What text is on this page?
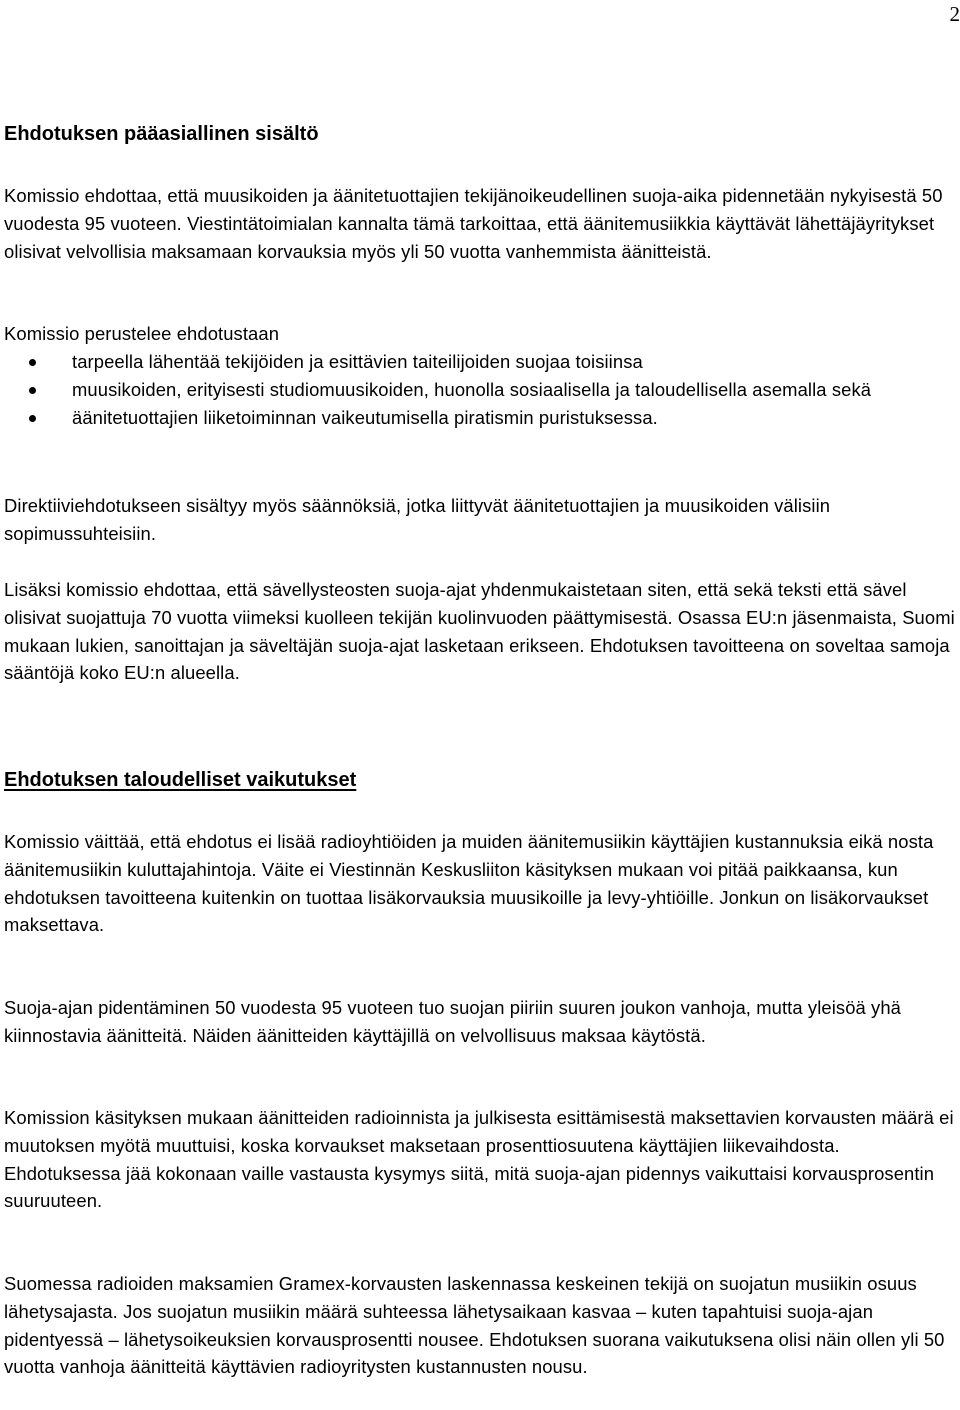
2
Ehdotuksen pääasiallinen sisältö

Komissio ehdottaa, että muusikoiden ja äänitetuottajien tekijänoikeudellinen suoja-aika pidennetään nykyisestä 50 vuodesta 95 vuoteen. Viestintätoimialan kannalta tämä tarkoittaa, että äänitemusiikkia käyttävät lähettäjäyritykset olisivat velvollisia maksamaan korvauksia myös yli 50 vuotta vanhemmista äänitteistä.

Komissio perustelee ehdotustaan

tarpeella lähentää tekijöiden ja esittävien taiteilijoiden suojaa toisiinsa
muusikoiden, erityisesti studiomuusikoiden, huonolla sosiaalisella ja taloudellisella asemalla sekä
äänitetuottajien liiketoiminnan vaikeutumisella piratismin puristuksessa.

Direktiiviehdotukseen sisältyy myös säännöksiä, jotka liittyvät äänitetuottajien ja muusikoiden välisiin sopimussuhteisiin.

Lisäksi komissio ehdottaa, että sävellysteosten suoja-ajat yhdenmukaistetaan siten, että sekä teksti että sävel olisivat suojattuja 70 vuotta viimeksi kuolleen tekijän kuolinvuoden päättymisestä. Osassa EU:n jäsenmaista, Suomi mukaan lukien, sanoittajan ja säveltäjän suoja-ajat lasketaan erikseen. Ehdotuksen tavoitteena on soveltaa samoja sääntöjä koko EU:n alueella.

Ehdotuksen taloudelliset vaikutukset

Komissio väittää, että ehdotus ei lisää radioyhtiöiden ja muiden äänitemusiikin käyttäjien kustannuksia eikä nosta äänitemusiikin kuluttajahintoja. Väite ei Viestinnän Keskusliiton käsityksen mukaan voi pitää paikkaansa, kun ehdotuksen tavoitteena kuitenkin on tuottaa lisäkorvauksia muusikoille ja levy-yhtiöille. Jonkun on lisäkorvaukset maksettava.

Suoja-ajan pidentäminen 50 vuodesta 95 vuoteen tuo suojan piiriin suuren joukon vanhoja, mutta yleisöä yhä kiinnostavia äänitteitä. Näiden äänitteiden käyttäjillä on velvollisuus maksaa käytöstä.

Komission käsityksen mukaan äänitteiden radioinnista ja julkisesta esittämisestä maksettavien korvausten määrä ei muutoksen myötä muuttuisi, koska korvaukset maksetaan prosenttiosuutena käyttäjien liikevaihdosta. Ehdotuksessa jää kokonaan vaille vastausta kysymys siitä, mitä suoja-ajan pidennys vaikuttaisi korvausprosentin suuruuteen.

Suomessa radioiden maksamien Gramex-korvausten laskennassa keskeinen tekijä on suojatun musiikin osuus lähetysajasta. Jos suojatun musiikin määrä suhteessa lähetysaikaan kasvaa – kuten tapahtuisi suoja-ajan pidentyessä – lähetysoikeuksien korvausprosentti nousee. Ehdotuksen suorana vaikutuksena olisi näin ollen yli 50 vuotta vanhoja äänitteitä käyttävien radioyritysten kustannusten nousu.
